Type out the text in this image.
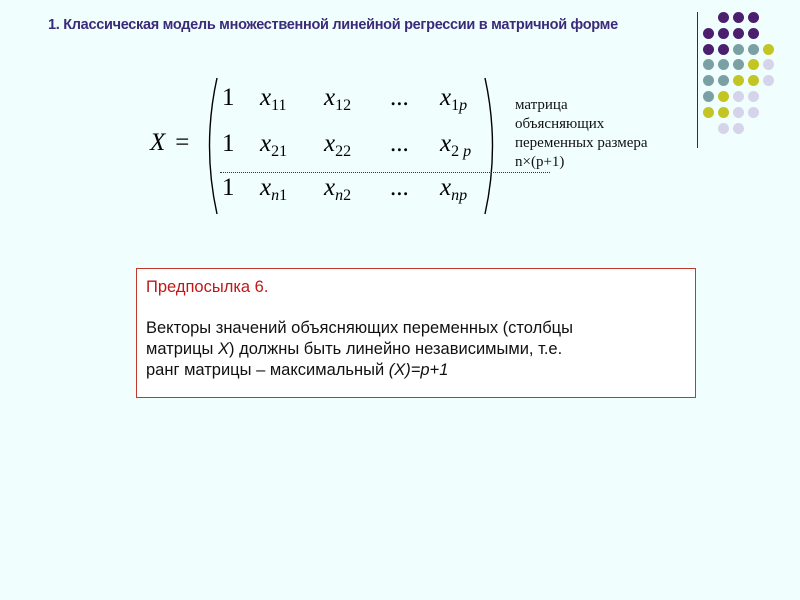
1. Классическая модель множественной линейной регрессии в матричной форме
X =
1 $x_{11}$ $x_{12}$ ... $x_{1p}$
1 $x_{21}$ $x_{22}$ ... $x_{2 p}$
1 $x_{n1}$ $x_{n2}$ ... $x_{np}$
матрица
объясняющих
переменных размера
n×(p+1)
Предпосылка 6.

Векторы значений объясняющих переменных (столбцы
матрицы X) должны быть линейно независимыми, т.е.
ранг матрицы – максимальный (X)=p+1
